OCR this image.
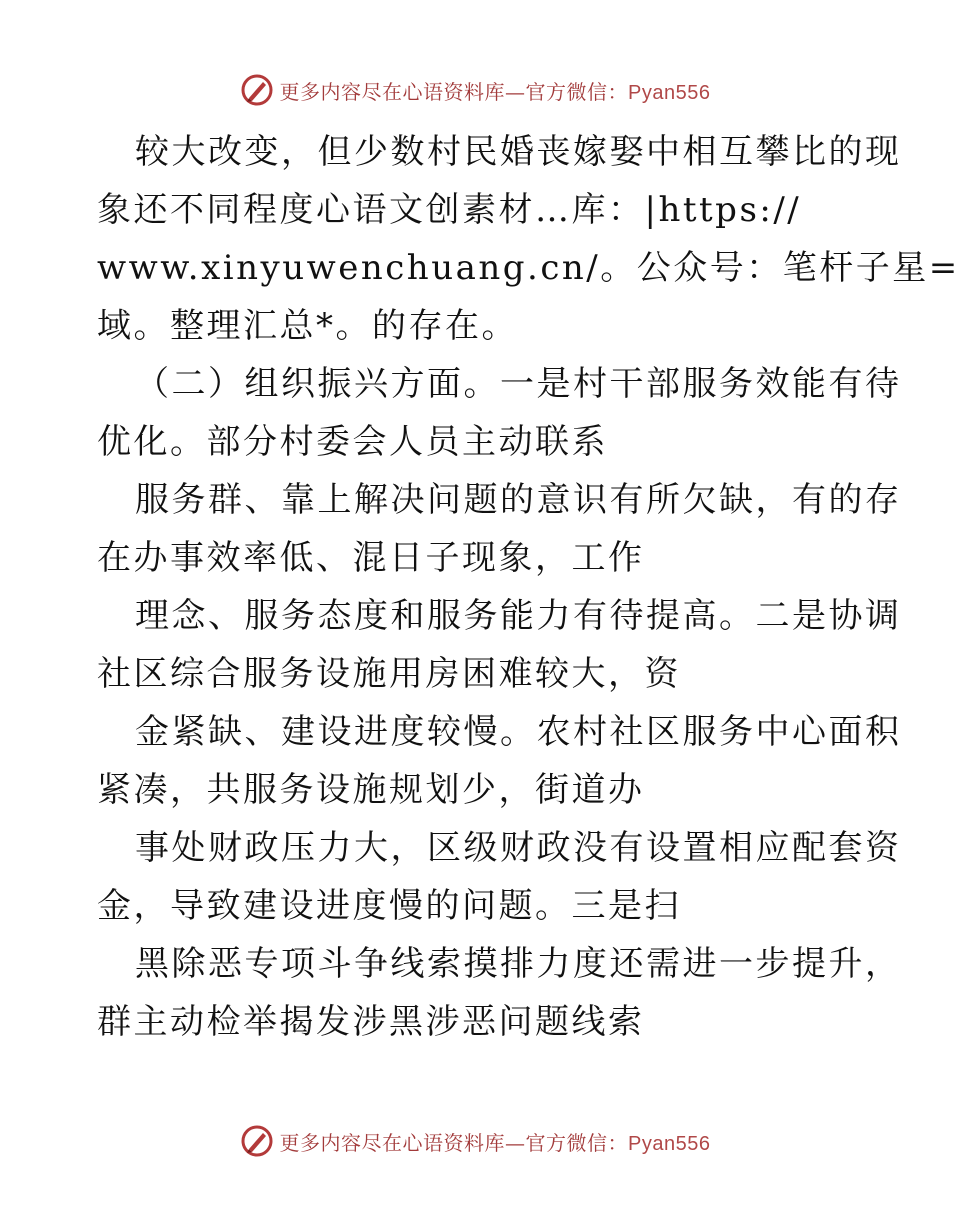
更多内容尽在心语资料库—官方微信：Pyan556
较大改变，但少数村民婚丧嫁娶中相互攀比的现
象还不同程度心语文创素材…库：|https://
www.xinyuwenchuang.cn/。公众号：笔杆子星=
域。整理汇总*。的存在。
（二）组织振兴方面。一是村干部服务效能有待
优化。部分村委会人员主动联系
服务群、靠上解决问题的意识有所欠缺，有的存
在办事效率低、混日子现象，工作
理念、服务态度和服务能力有待提高。二是协调
社区综合服务设施用房困难较大，资
金紧缺、建设进度较慢。农村社区服务中心面积
紧凑，共服务设施规划少，街道办
事处财政压力大，区级财政没有设置相应配套资
金，导致建设进度慢的问题。三是扫
黑除恶专项斗争线索摸排力度还需进一步提升，
群主动检举揭发涉黑涉恶问题线索
更多内容尽在心语资料库—官方微信：Pyan556
